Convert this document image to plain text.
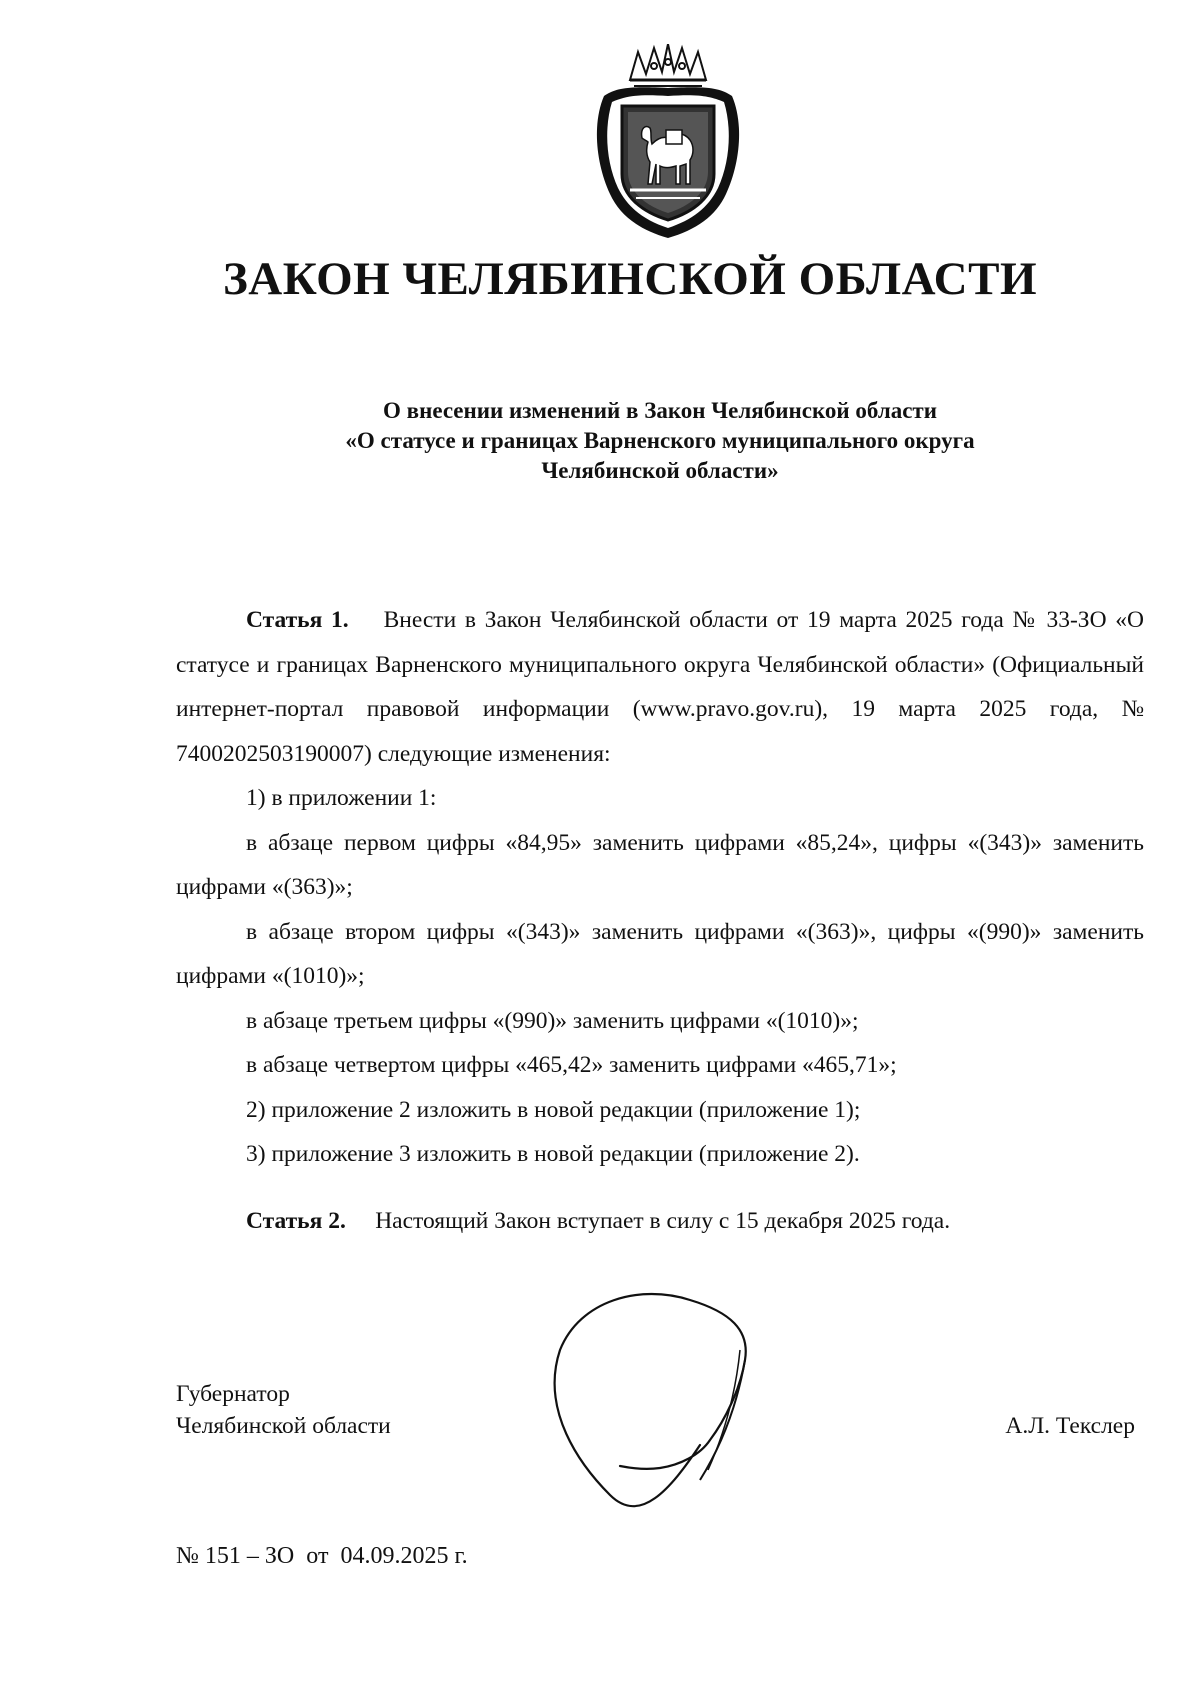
ЗАКОН ЧЕЛЯБИНСКОЙ ОБЛАСТИ
О внесении изменений в Закон Челябинской области
«О статусе и границах Варненского муниципального округа
Челябинской области»

Статья 1. Внести в Закон Челябинской области от 19 марта 2025 года № 33-ЗО «О статусе и границах Варненского муниципального округа Челябинской области» (Официальный интернет-портал правовой информации (www.pravo.gov.ru), 19 марта 2025 года, № 7400202503190007) следующие изменения:

1) в приложении 1:

в абзаце первом цифры «84,95» заменить цифрами «85,24», цифры «(343)» заменить цифрами «(363)»;

в абзаце втором цифры «(343)» заменить цифрами «(363)», цифры «(990)» заменить цифрами «(1010)»;

в абзаце третьем цифры «(990)» заменить цифрами «(1010)»;

в абзаце четвертом цифры «465,42» заменить цифрами «465,71»;

2) приложение 2 изложить в новой редакции (приложение 1);

3) приложение 3 изложить в новой редакции (приложение 2).

Статья 2. Настоящий Закон вступает в силу с 15 декабря 2025 года.

Губернатор
Челябинской области	А.Л. Текслер
№ 151 – ЗО от 04.09.2025 г.
